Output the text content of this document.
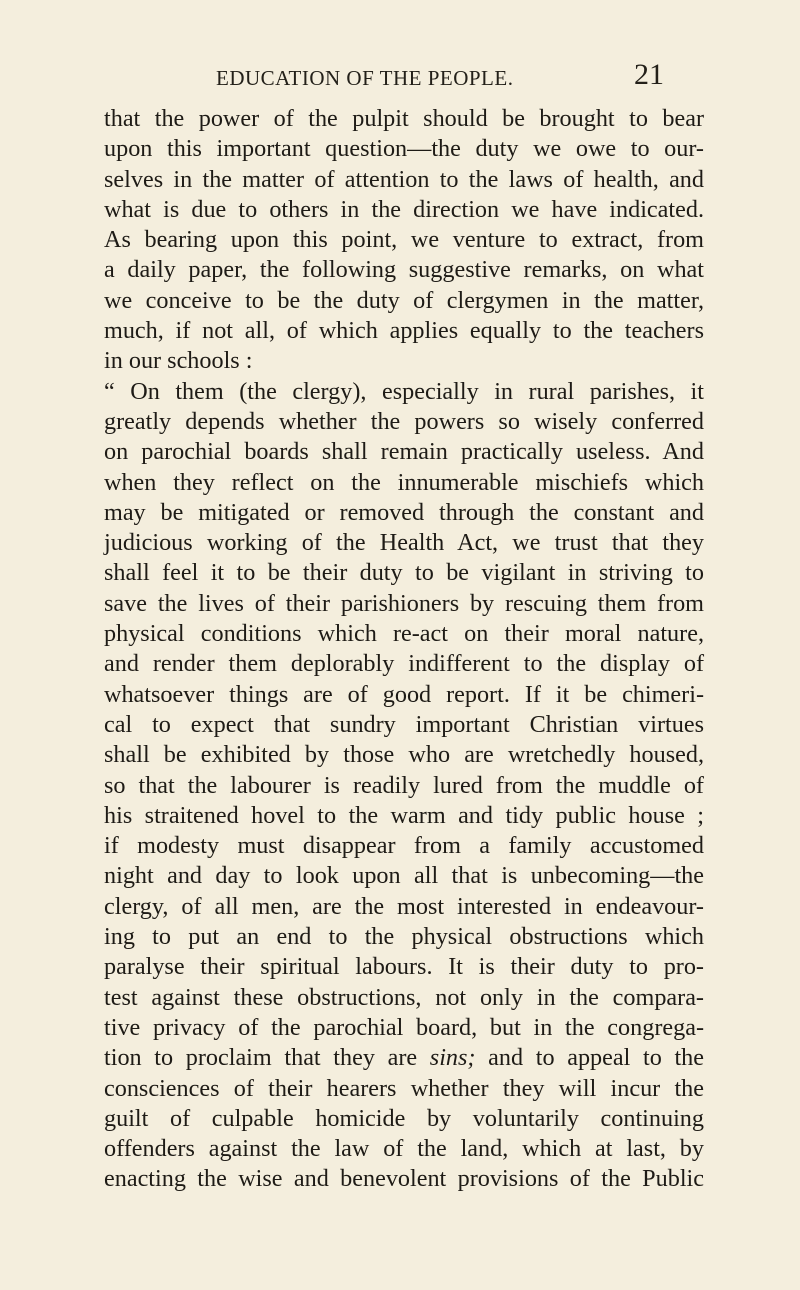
EDUCATION OF THE PEOPLE.	21
that the power of the pulpit should be brought to bear
upon this important question—the duty we owe to our-
selves in the matter of attention to the laws of health, and
what is due to others in the direction we have indicated.
As bearing upon this point, we venture to extract, from
a daily paper, the following suggestive remarks, on what
we conceive to be the duty of clergymen in the matter,
much, if not all, of which applies equally to the teachers
in our schools :
“ On them (the clergy), especially in rural parishes, it
greatly depends whether the powers so wisely conferred
on parochial boards shall remain practically useless. And
when they reflect on the innumerable mischiefs which
may be mitigated or removed through the constant and
judicious working of the Health Act, we trust that they
shall feel it to be their duty to be vigilant in striving to
save the lives of their parishioners by rescuing them from
physical conditions which re-act on their moral nature,
and render them deplorably indifferent to the display of
whatsoever things are of good report. If it be chimeri-
cal to expect that sundry important Christian virtues
shall be exhibited by those who are wretchedly housed,
so that the labourer is readily lured from the muddle of
his straitened hovel to the warm and tidy public house ;
if modesty must disappear from a family accustomed
night and day to look upon all that is unbecoming—the
clergy, of all men, are the most interested in endeavour-
ing to put an end to the physical obstructions which
paralyse their spiritual labours. It is their duty to pro-
test against these obstructions, not only in the compara-
tive privacy of the parochial board, but in the congrega-
tion to proclaim that they are sins; and to appeal to the
consciences of their hearers whether they will incur the
guilt of culpable homicide by voluntarily continuing
offenders against the law of the land, which at last, by
enacting the wise and benevolent provisions of the Public
